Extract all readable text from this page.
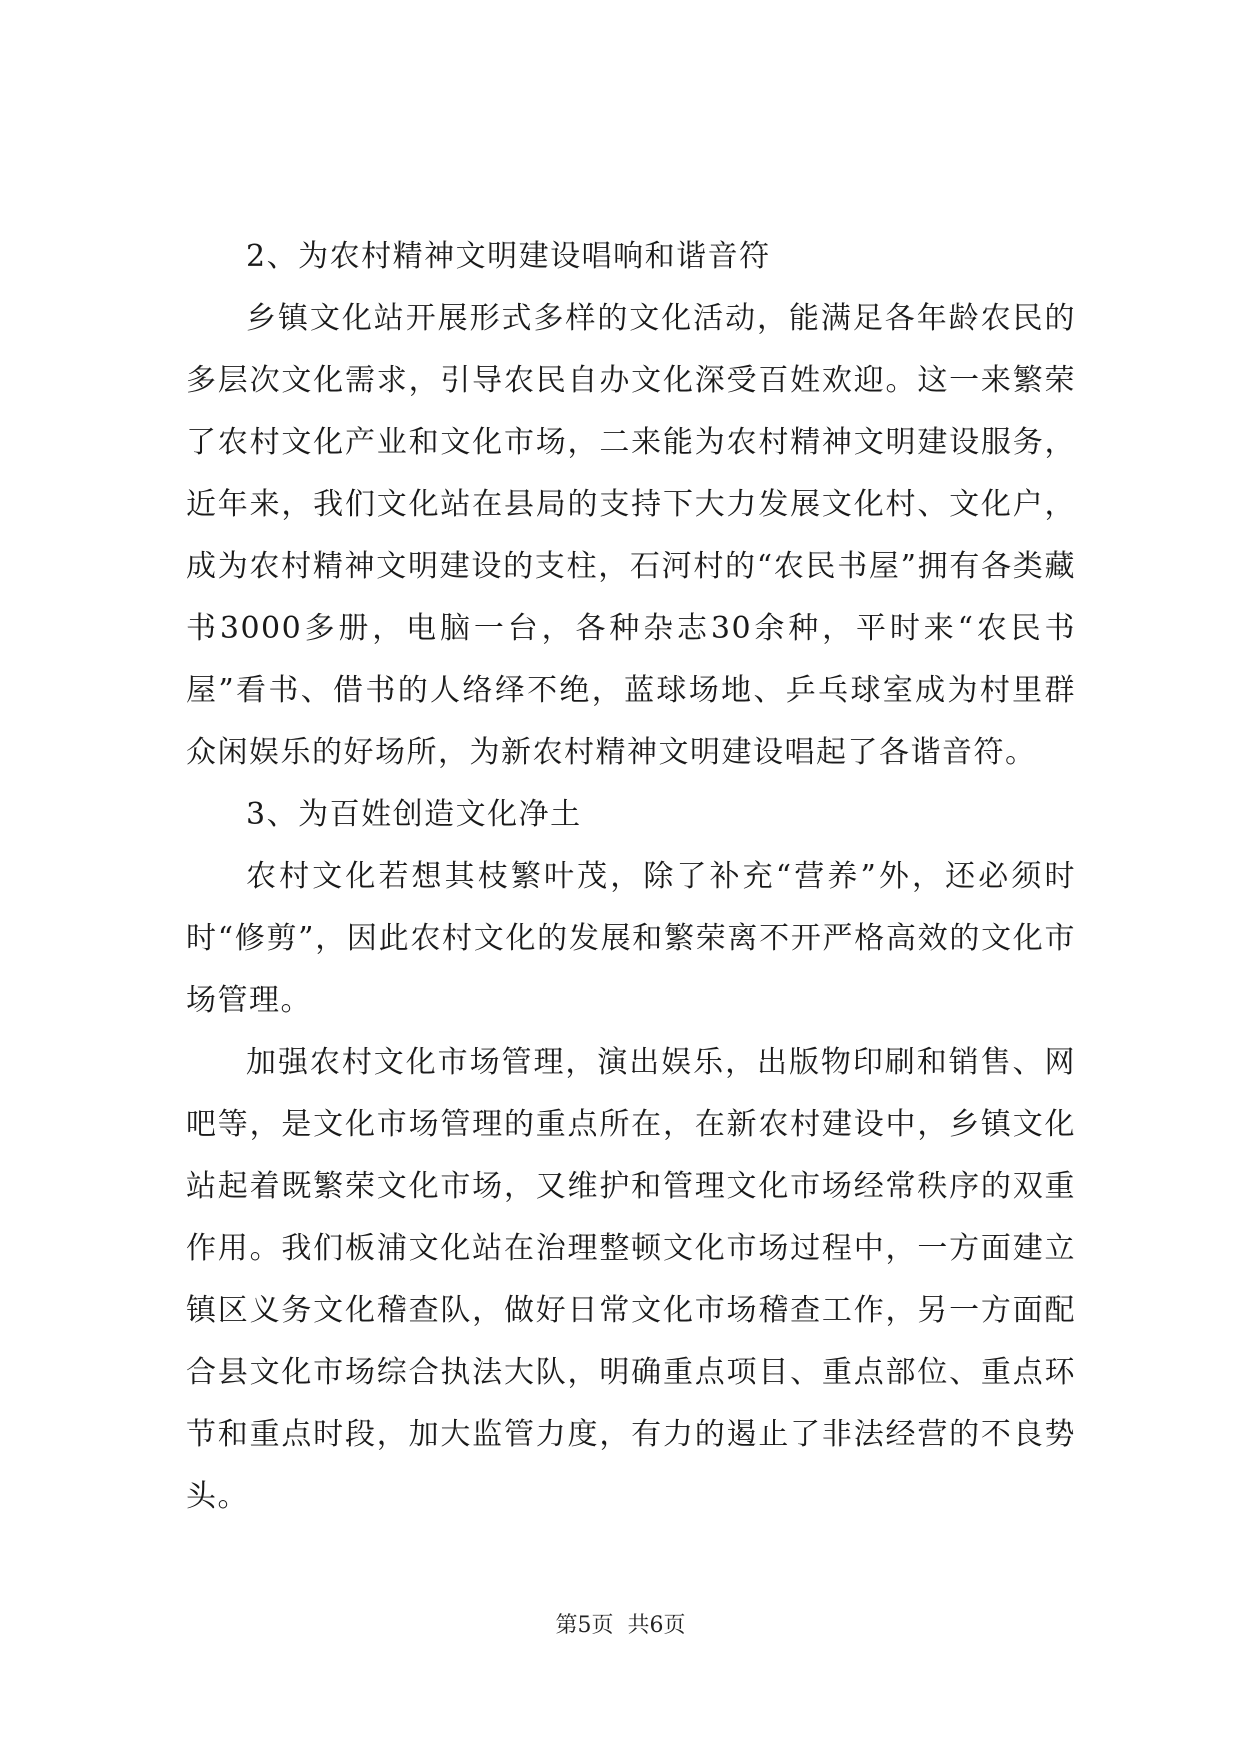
2、为农村精神文明建设唱响和谐音符

乡镇文化站开展形式多样的文化活动，能满足各年龄农民的多层次文化需求，引导农民自办文化深受百姓欢迎。这一来繁荣了农村文化产业和文化市场，二来能为农村精神文明建设服务，近年来，我们文化站在县局的支持下大力发展文化村、文化户，成为农村精神文明建设的支柱，石河村的“农民书屋”拥有各类藏书3000多册，电脑一台，各种杂志30余种，平时来“农民书屋”看书、借书的人络绎不绝，蓝球场地、乒乓球室成为村里群众闲娱乐的好场所，为新农村精神文明建设唱起了各谐音符。

3、为百姓创造文化净土

农村文化若想其枝繁叶茂，除了补充“营养”外，还必须时时“修剪”，因此农村文化的发展和繁荣离不开严格高效的文化市场管理。

加强农村文化市场管理，演出娱乐，出版物印刷和销售、网吧等，是文化市场管理的重点所在，在新农村建设中，乡镇文化站起着既繁荣文化市场，又维护和管理文化市场经常秩序的双重作用。我们板浦文化站在治理整顿文化市场过程中，一方面建立镇区义务文化稽查队，做好日常文化市场稽查工作，另一方面配合县文化市场综合执法大队，明确重点项目、重点部位、重点环节和重点时段，加大监管力度，有力的遏止了非法经营的不良势头。

第5页 共6页
